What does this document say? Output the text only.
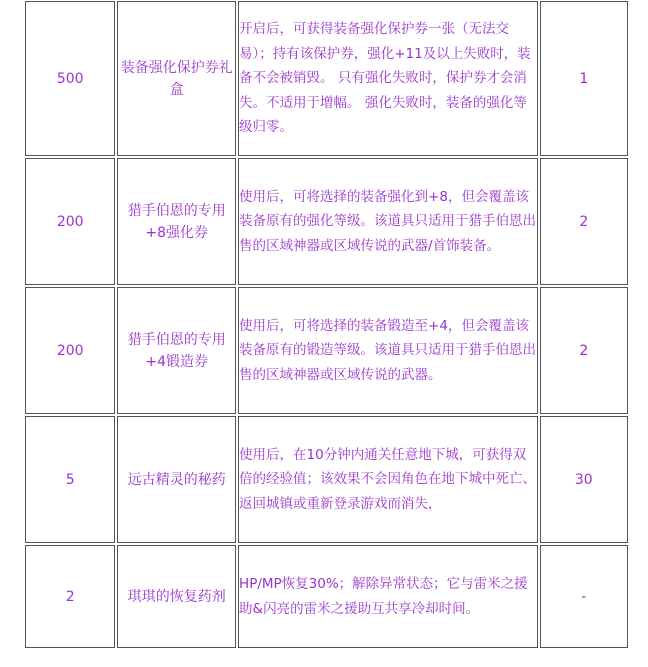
500	装备强化保护券礼盒	开启后，可获得装备强化保护券一张（无法交易）；持有该保护券，强化+11及以上失败时，装备不会被销毁。 只有强化失败时，保护券才会消失。不适用于增幅。 强化失败时，装备的强化等级归零。	1

200	猎手伯恩的专用+8强化券	使用后，可将选择的装备强化到+8，但会覆盖该装备原有的强化等级。该道具只适用于猎手伯恩出售的区域神器或区域传说的武器/首饰装备。	2

200	猎手伯恩的专用+4锻造券	使用后，可将选择的装备锻造至+4，但会覆盖该装备原有的锻造等级。该道具只适用于猎手伯恩出售的区域神器或区域传说的武器。	2

5	远古精灵的秘药	使用后，在10分钟内通关任意地下城，可获得双倍的经验值；该效果不会因角色在地下城中死亡、返回城镇或重新登录游戏而消失，	30

2	琪琪的恢复药剂	HP/MP恢复30%；解除异常状态；它与雷米之援助&闪亮的雷米之援助互共享冷却时间。	-
